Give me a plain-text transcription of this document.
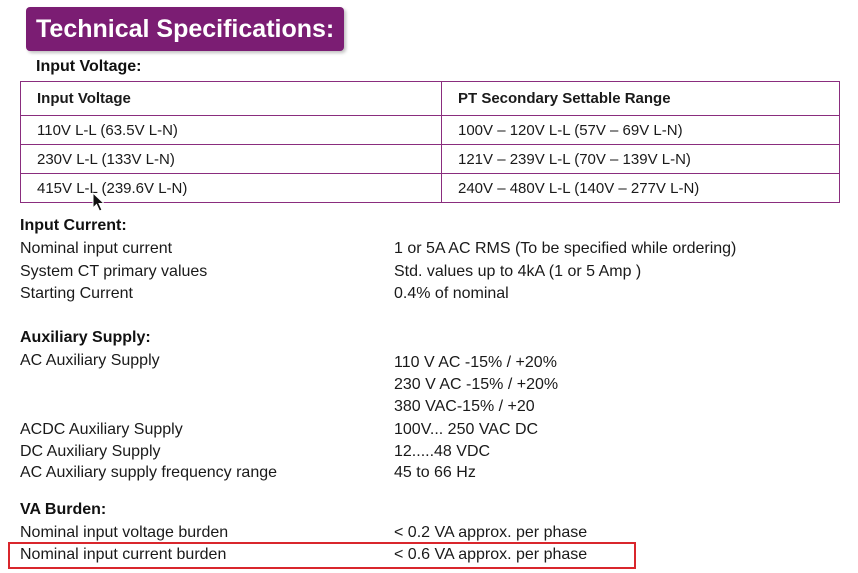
Technical Specifications:
Input Voltage:
Input Voltage	PT Secondary Settable Range
110V L-L (63.5V L-N)	100V – 120V L-L (57V – 69V L-N)
230V L-L (133V L-N)	121V – 239V L-L (70V – 139V L-N)
415V L-L (239.6V L-N)	240V – 480V L-L (140V – 277V L-N)
Input Current:
Nominal input current	1 or 5A AC RMS (To be specified while ordering)
System CT primary values	Std. values up to 4kA (1 or 5 Amp )
Starting Current	0.4% of nominal
Auxiliary Supply:
AC Auxiliary Supply	110 V AC -15% / +20%
230 V AC -15% / +20%
380 VAC-15% / +20
ACDC Auxiliary Supply	100V... 250 VAC DC
DC Auxiliary Supply	12.....48 VDC
AC Auxiliary supply frequency range	45 to 66 Hz
VA Burden:
Nominal input voltage burden	< 0.2 VA approx. per phase
Nominal input current burden	< 0.6 VA approx. per phase
